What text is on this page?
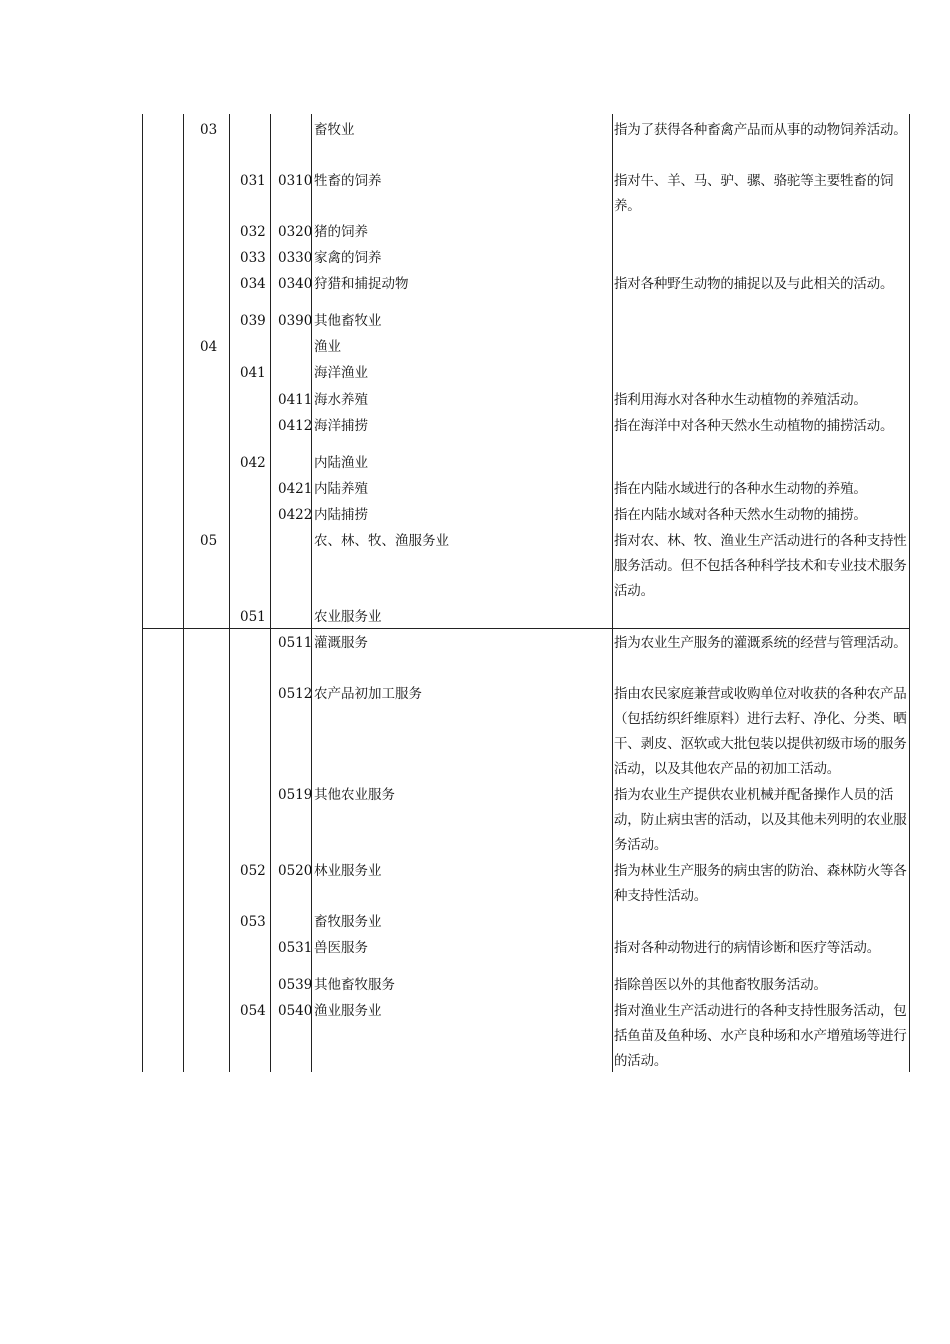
03	畜牧业	指为了获得各种畜禽产品而从事的动物饲养活动。
031 0310 牲畜的饲养	指对牛、羊、马、驴、骡、骆驼等主要牲畜的饲养。
032 0320 猪的饲养
033 0330 家禽的饲养
034 0340 狩猎和捕捉动物	指对各种野生动物的捕捉以及与此相关的活动。
039 0390 其他畜牧业
04	渔业
041	海洋渔业
0411 海水养殖	指利用海水对各种水生动植物的养殖活动。
0412 海洋捕捞	指在海洋中对各种天然水生动植物的捕捞活动。
042	内陆渔业
0421 内陆养殖	指在内陆水域进行的各种水生动物的养殖。
0422 内陆捕捞	指在内陆水域对各种天然水生动物的捕捞。
05	农、林、牧、渔服务业	指对农、林、牧、渔业生产活动进行的各种支持性服务活动。但不包括各种科学技术和专业技术服务活动。
051	农业服务业
0511 灌溉服务	指为农业生产服务的灌溉系统的经营与管理活动。
0512 农产品初加工服务	指由农民家庭兼营或收购单位对收获的各种农产品（包括纺织纤维原料）进行去籽、净化、分类、晒干、剥皮、沤软或大批包装以提供初级市场的服务活动，以及其他农产品的初加工活动。
0519 其他农业服务	指为农业生产提供农业机械并配备操作人员的活动，防止病虫害的活动，以及其他未列明的农业服务活动。
052 0520 林业服务业	指为林业生产服务的病虫害的防治、森林防火等各种支持性活动。
053	畜牧服务业
0531 兽医服务	指对各种动物进行的病情诊断和医疗等活动。
0539 其他畜牧服务	指除兽医以外的其他畜牧服务活动。
054 0540 渔业服务业	指对渔业生产活动进行的各种支持性服务活动，包括鱼苗及鱼种场、水产良种场和水产增殖场等进行的活动。
